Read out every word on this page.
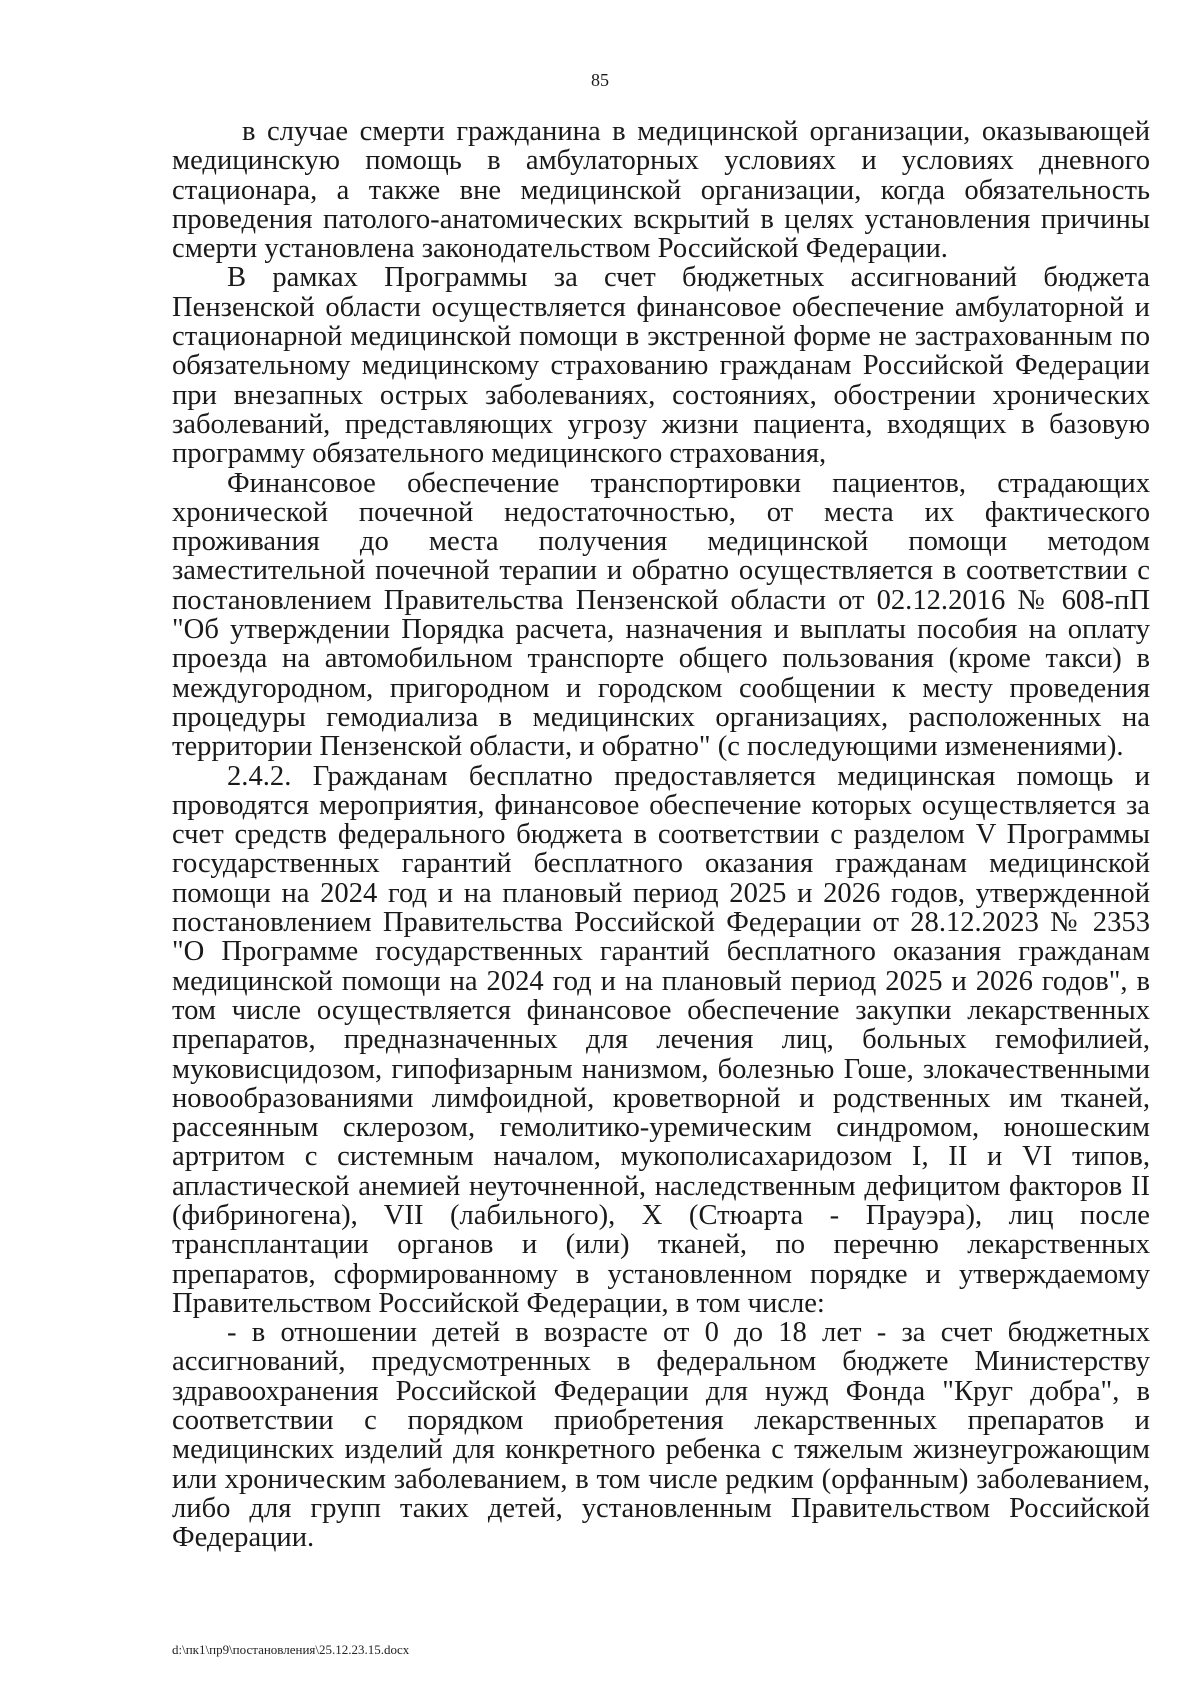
85

в случае смерти гражданина в медицинской организации, оказывающей медицинскую помощь в амбулаторных условиях и условиях дневного стационара, а также вне медицинской организации, когда обязательность проведения патолого-анатомических вскрытий в целях установления причины смерти установлена законодательством Российской Федерации.

В рамках Программы за счет бюджетных ассигнований бюджета Пензенской области осуществляется финансовое обеспечение амбулаторной и стационарной медицинской помощи в экстренной форме не застрахованным по обязательному медицинскому страхованию гражданам Российской Федерации при внезапных острых заболеваниях, состояниях, обострении хронических заболеваний, представляющих угрозу жизни пациента, входящих в базовую программу обязательного медицинского страхования,

Финансовое обеспечение транспортировки пациентов, страдающих хронической почечной недостаточностью, от места их фактического проживания до места получения медицинской помощи методом заместительной почечной терапии и обратно осуществляется в соответствии с постановлением Правительства Пензенской области от 02.12.2016 № 608-пП "Об утверждении Порядка расчета, назначения и выплаты пособия на оплату проезда на автомобильном транспорте общего пользования (кроме такси) в междугородном, пригородном и городском сообщении к месту проведения процедуры гемодиализа в медицинских организациях, расположенных на территории Пензенской области, и обратно" (с последующими изменениями).

2.4.2. Гражданам бесплатно предоставляется медицинская помощь и проводятся мероприятия, финансовое обеспечение которых осуществляется за счет средств федерального бюджета в соответствии с разделом V Программы государственных гарантий бесплатного оказания гражданам медицинской помощи на 2024 год и на плановый период 2025 и 2026 годов, утвержденной постановлением Правительства Российской Федерации от 28.12.2023 № 2353 "О Программе государственных гарантий бесплатного оказания гражданам медицинской помощи на 2024 год и на плановый период 2025 и 2026 годов", в том числе осуществляется финансовое обеспечение закупки лекарственных препаратов, предназначенных для лечения лиц, больных гемофилией, муковисцидозом, гипофизарным нанизмом, болезнью Гоше, злокачественными новообразованиями лимфоидной, кроветворной и родственных им тканей, рассеянным склерозом, гемолитико-уремическим синдромом, юношеским артритом с системным началом, мукополисахаридозом I, II и VI типов, апластической анемией неуточненной, наследственным дефицитом факторов II (фибриногена), VII (лабильного), X (Стюарта - Прауэра), лиц после трансплантации органов и (или) тканей, по перечню лекарственных препаратов, сформированному в установленном порядке и утверждаемому Правительством Российской Федерации, в том числе:

- в отношении детей в возрасте от 0 до 18 лет - за счет бюджетных ассигнований, предусмотренных в федеральном бюджете Министерству здравоохранения Российской Федерации для нужд Фонда "Круг добра", в соответствии с порядком приобретения лекарственных препаратов и медицинских изделий для конкретного ребенка с тяжелым жизнеугрожающим или хроническим заболеванием, в том числе редким (орфанным) заболеванием, либо для групп таких детей, установленным Правительством Российской Федерации.

d:\пк1\пр9\постановления\25.12.23.15.docx
